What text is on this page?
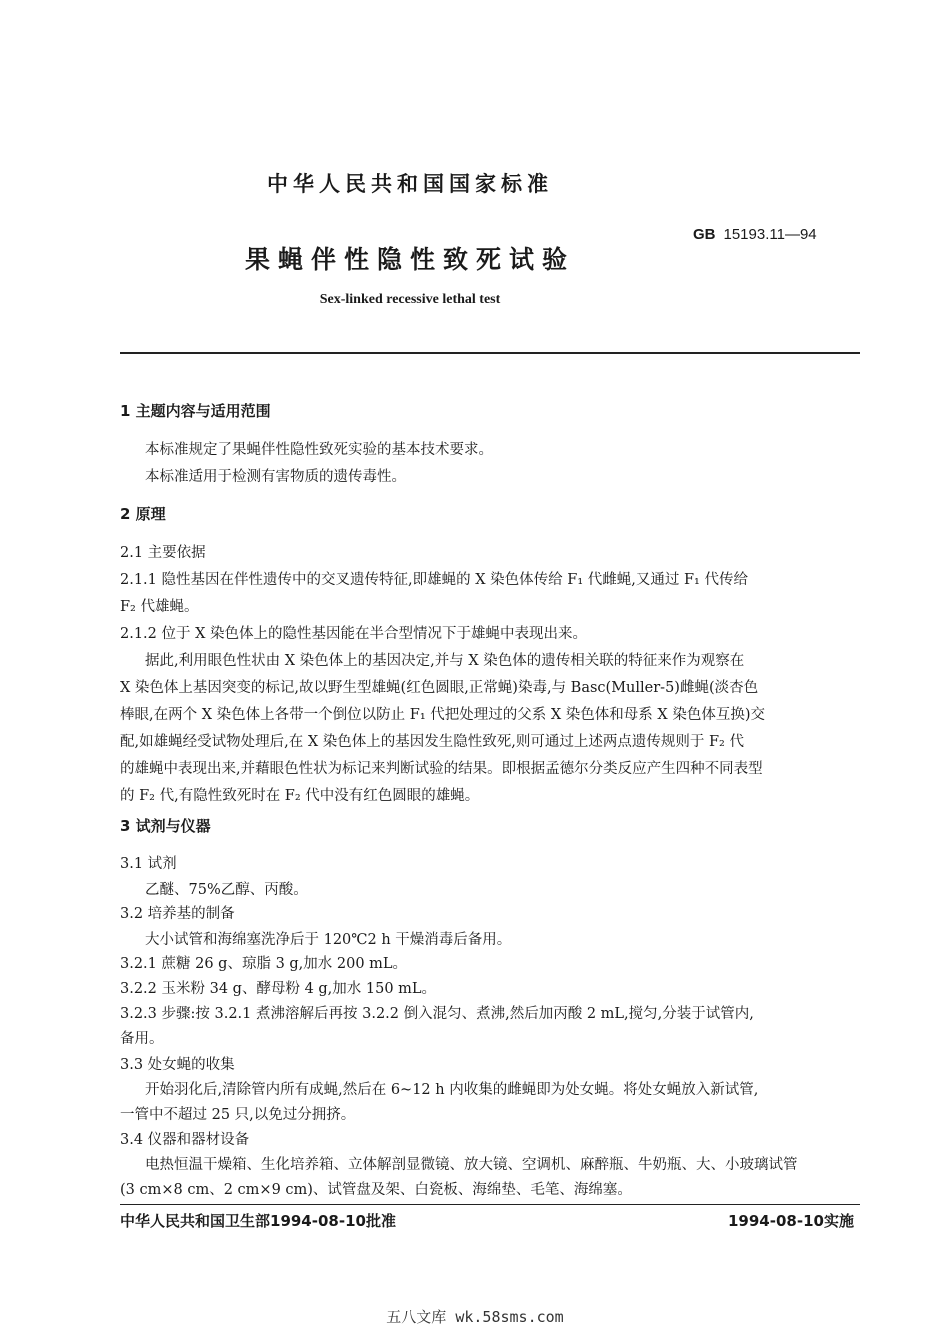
中华人民共和国国家标准
GB 15193.11—94
果蝇伴性隐性致死试验
Sex-linked recessive lethal test
1 主题内容与适用范围
本标准规定了果蝇伴性隐性致死实验的基本技术要求。
本标准适用于检测有害物质的遗传毒性。
2 原理
2.1 主要依据
2.1.1 隐性基因在伴性遗传中的交叉遗传特征,即雄蝇的 X 染色体传给 F₁ 代雌蝇,又通过 F₁ 代传给
F₂ 代雄蝇。
2.1.2 位于 X 染色体上的隐性基因能在半合型情况下于雄蝇中表现出来。
据此,利用眼色性状由 X 染色体上的基因决定,并与 X 染色体的遗传相关联的特征来作为观察在
X 染色体上基因突变的标记,故以野生型雄蝇(红色圆眼,正常蝇)染毒,与 Basc(Muller-5)雌蝇(淡杏色
棒眼,在两个 X 染色体上各带一个倒位以防止 F₁ 代把处理过的父系 X 染色体和母系 X 染色体互换)交
配,如雄蝇经受试物处理后,在 X 染色体上的基因发生隐性致死,则可通过上述两点遗传规则于 F₂ 代
的雄蝇中表现出来,并藉眼色性状为标记来判断试验的结果。即根据孟德尔分类反应产生四种不同表型
的 F₂ 代,有隐性致死时在 F₂ 代中没有红色圆眼的雄蝇。
3 试剂与仪器
3.1 试剂
乙醚、75%乙醇、丙酸。
3.2 培养基的制备
大小试管和海绵塞洗净后于 120℃2 h 干燥消毒后备用。
3.2.1 蔗糖 26 g、琼脂 3 g,加水 200 mL。
3.2.2 玉米粉 34 g、酵母粉 4 g,加水 150 mL。
3.2.3 步骤:按 3.2.1 煮沸溶解后再按 3.2.2 倒入混匀、煮沸,然后加丙酸 2 mL,搅匀,分装于试管内,
备用。
3.3 处女蝇的收集
开始羽化后,清除管内所有成蝇,然后在 6~12 h 内收集的雌蝇即为处女蝇。将处女蝇放入新试管,
一管中不超过 25 只,以免过分拥挤。
3.4 仪器和器材设备
电热恒温干燥箱、生化培养箱、立体解剖显微镜、放大镜、空调机、麻醉瓶、牛奶瓶、大、小玻璃试管
(3 cm×8 cm、2 cm×9 cm)、试管盘及架、白瓷板、海绵垫、毛笔、海绵塞。
中华人民共和国卫生部1994-08-10批准	1994-08-10实施
五八文库 wk.58sms.com
